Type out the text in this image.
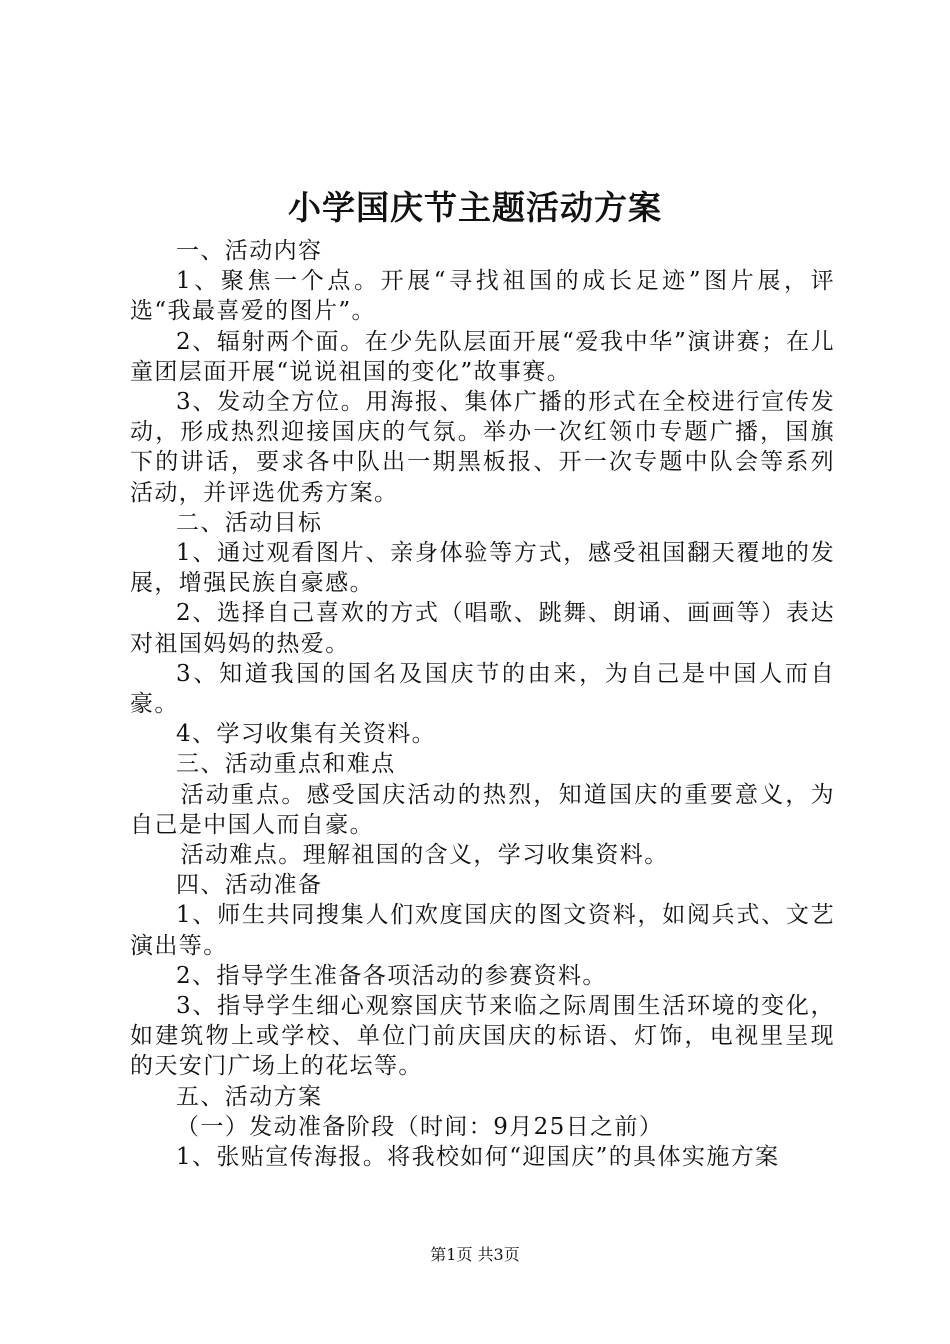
小学国庆节主题活动方案

一、活动内容

1、聚焦一个点。开展“寻找祖国的成长足迹”图片展，评选“我最喜爱的图片”。

2、辐射两个面。在少先队层面开展“爱我中华”演讲赛；在儿童团层面开展“说说祖国的变化”故事赛。

3、发动全方位。用海报、集体广播的形式在全校进行宣传发动，形成热烈迎接国庆的气氛。举办一次红领巾专题广播，国旗下的讲话，要求各中队出一期黑板报、开一次专题中队会等系列活动，并评选优秀方案。

二、活动目标

1、通过观看图片、亲身体验等方式，感受祖国翻天覆地的发展，增强民族自豪感。

2、选择自己喜欢的方式（唱歌、跳舞、朗诵、画画等）表达对祖国妈妈的热爱。

3、知道我国的国名及国庆节的由来，为自己是中国人而自豪。

4、学习收集有关资料。

三、活动重点和难点

活动重点。感受国庆活动的热烈，知道国庆的重要意义，为自己是中国人而自豪。

活动难点。理解祖国的含义，学习收集资料。

四、活动准备

1、师生共同搜集人们欢度国庆的图文资料，如阅兵式、文艺演出等。

2、指导学生准备各项活动的参赛资料。

3、指导学生细心观察国庆节来临之际周围生活环境的变化，如建筑物上或学校、单位门前庆国庆的标语、灯饰，电视里呈现的天安门广场上的花坛等。

五、活动方案

（一）发动准备阶段（时间：9月25日之前）

1、张贴宣传海报。将我校如何“迎国庆”的具体实施方案

第1页 共3页
